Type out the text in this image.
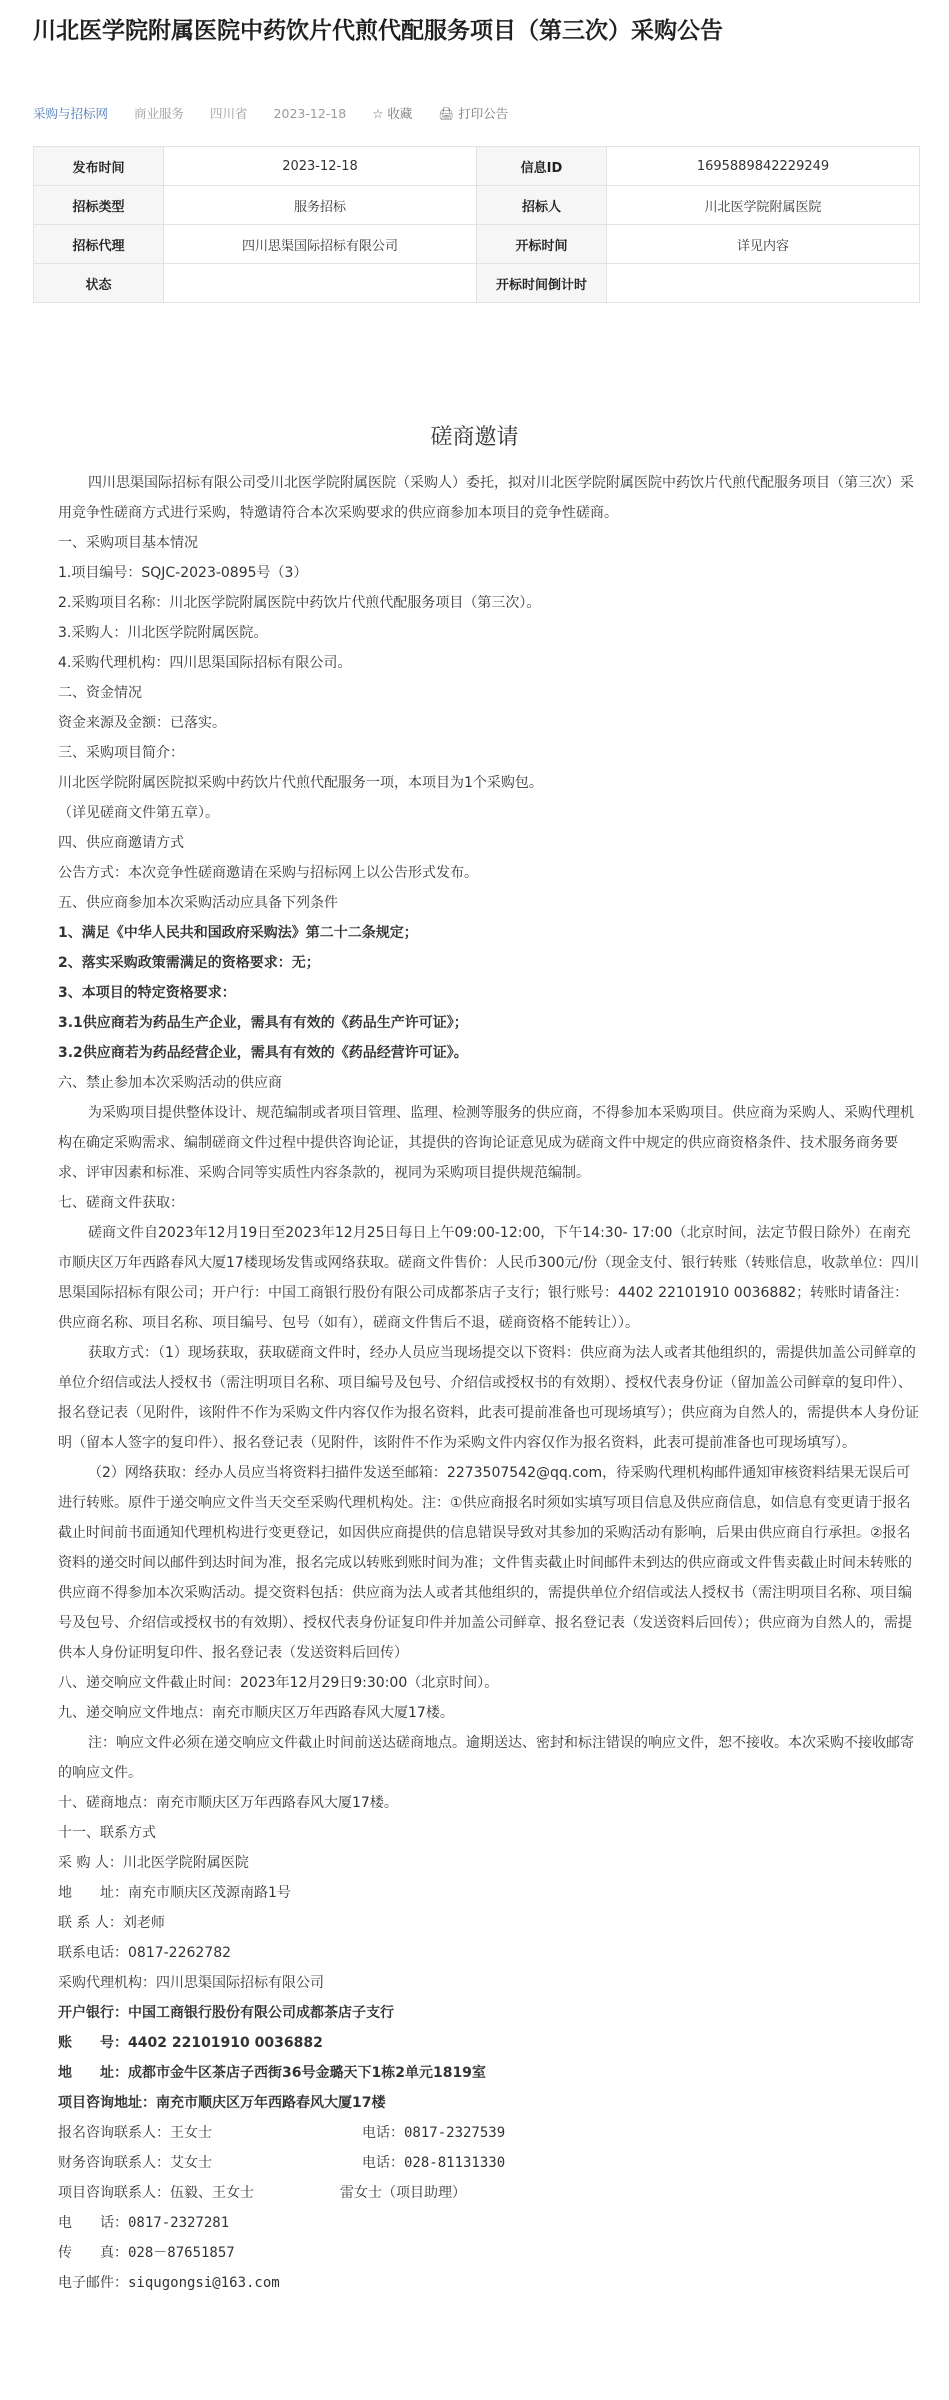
川北医学院附属医院中药饮片代煎代配服务项目（第三次）采购公告
采购与招标网 商业服务 四川省 2023-12-18 ☆ 收藏 🖨 打印公告
发布时间	2023-12-18	信息ID	1695889842229249
招标类型	服务招标	招标人	川北医学院附属医院
招标代理	四川思渠国际招标有限公司	开标时间	详见内容
状态		开标时间倒计时	
磋商邀请

四川思渠国际招标有限公司受川北医学院附属医院（采购人）委托，拟对川北医学院附属医院中药饮片代煎代配服务项目（第三次）采用竞争性磋商方式进行采购，特邀请符合本次采购要求的供应商参加本项目的竞争性磋商。

一、采购项目基本情况

1.项目编号：SQJC-2023-0895号（3）

2.采购项目名称：川北医学院附属医院中药饮片代煎代配服务项目（第三次）。

3.采购人：川北医学院附属医院。

4.采购代理机构：四川思渠国际招标有限公司。

二、资金情况

资金来源及金额：已落实。

三、采购项目简介：

川北医学院附属医院拟采购中药饮片代煎代配服务一项，本项目为1个采购包。

（详见磋商文件第五章）。

四、供应商邀请方式

公告方式：本次竞争性磋商邀请在采购与招标网上以公告形式发布。

五、供应商参加本次采购活动应具备下列条件

1、满足《中华人民共和国政府采购法》第二十二条规定；

2、落实采购政策需满足的资格要求：无；

3、本项目的特定资格要求：

3.1供应商若为药品生产企业，需具有有效的《药品生产许可证》；

3.2供应商若为药品经营企业，需具有有效的《药品经营许可证》。

六、禁止参加本次采购活动的供应商

为采购项目提供整体设计、规范编制或者项目管理、监理、检测等服务的供应商，不得参加本采购项目。供应商为采购人、采购代理机构在确定采购需求、编制磋商文件过程中提供咨询论证，其提供的咨询论证意见成为磋商文件中规定的供应商资格条件、技术服务商务要求、评审因素和标准、采购合同等实质性内容条款的，视同为采购项目提供规范编制。

七、磋商文件获取：

磋商文件自2023年12月19日至2023年12月25日每日上午09:00-12:00，下午14:30- 17:00（北京时间，法定节假日除外）在南充市顺庆区万年西路春风大厦17楼现场发售或网络获取。磋商文件售价：人民币300元/份（现金支付、银行转账（转账信息，收款单位：四川思渠国际招标有限公司；开户行：中国工商银行股份有限公司成都茶店子支行；银行账号：4402 22101910 0036882；转账时请备注：供应商名称、项目名称、项目编号、包号（如有），磋商文件售后不退，磋商资格不能转让））。

获取方式：（1）现场获取，获取磋商文件时，经办人员应当现场提交以下资料：供应商为法人或者其他组织的，需提供加盖公司鲜章的单位介绍信或法人授权书（需注明项目名称、项目编号及包号、介绍信或授权书的有效期）、授权代表身份证（留加盖公司鲜章的复印件）、报名登记表（见附件，该附件不作为采购文件内容仅作为报名资料，此表可提前准备也可现场填写）；供应商为自然人的，需提供本人身份证明（留本人签字的复印件）、报名登记表（见附件，该附件不作为采购文件内容仅作为报名资料，此表可提前准备也可现场填写）。

（2）网络获取：经办人员应当将资料扫描件发送至邮箱：2273507542@qq.com，待采购代理机构邮件通知审核资料结果无误后可进行转账。原件于递交响应文件当天交至采购代理机构处。注：①供应商报名时须如实填写项目信息及供应商信息，如信息有变更请于报名截止时间前书面通知代理机构进行变更登记，如因供应商提供的信息错误导致对其参加的采购活动有影响，后果由供应商自行承担。②报名资料的递交时间以邮件到达时间为准，报名完成以转账到账时间为准；文件售卖截止时间邮件未到达的供应商或文件售卖截止时间未转账的供应商不得参加本次采购活动。提交资料包括：供应商为法人或者其他组织的，需提供单位介绍信或法人授权书（需注明项目名称、项目编号及包号、介绍信或授权书的有效期）、授权代表身份证复印件并加盖公司鲜章、报名登记表（发送资料后回传）；供应商为自然人的，需提供本人身份证明复印件、报名登记表（发送资料后回传）

八、递交响应文件截止时间：2023年12月29日9:30:00（北京时间）。

九、递交响应文件地点：南充市顺庆区万年西路春风大厦17楼。

注：响应文件必须在递交响应文件截止时间前送达磋商地点。逾期送达、密封和标注错误的响应文件，恕不接收。本次采购不接收邮寄的响应文件。

十、磋商地点：南充市顺庆区万年西路春风大厦17楼。

十一、联系方式

采 购 人：川北医学院附属医院

地　　址：南充市顺庆区茂源南路1号

联 系 人：刘老师

联系电话：0817-2262782

采购代理机构：四川思渠国际招标有限公司

开户银行：中国工商银行股份有限公司成都茶店子支行

账　　号：4402 22101910 0036882

地　　址：成都市金牛区茶店子西街36号金璐天下1栋2单元1819室

项目咨询地址：南充市顺庆区万年西路春风大厦17楼

报名咨询联系人：王女士	电话：0817-2327539

财务咨询联系人：艾女士	电话：028-81131330

项目咨询联系人：伍毅、王女士	雷女士（项目助理）

电　　话：0817-2327281

传　　真：028－87651857

电子邮件：siqugongsi@163.com
